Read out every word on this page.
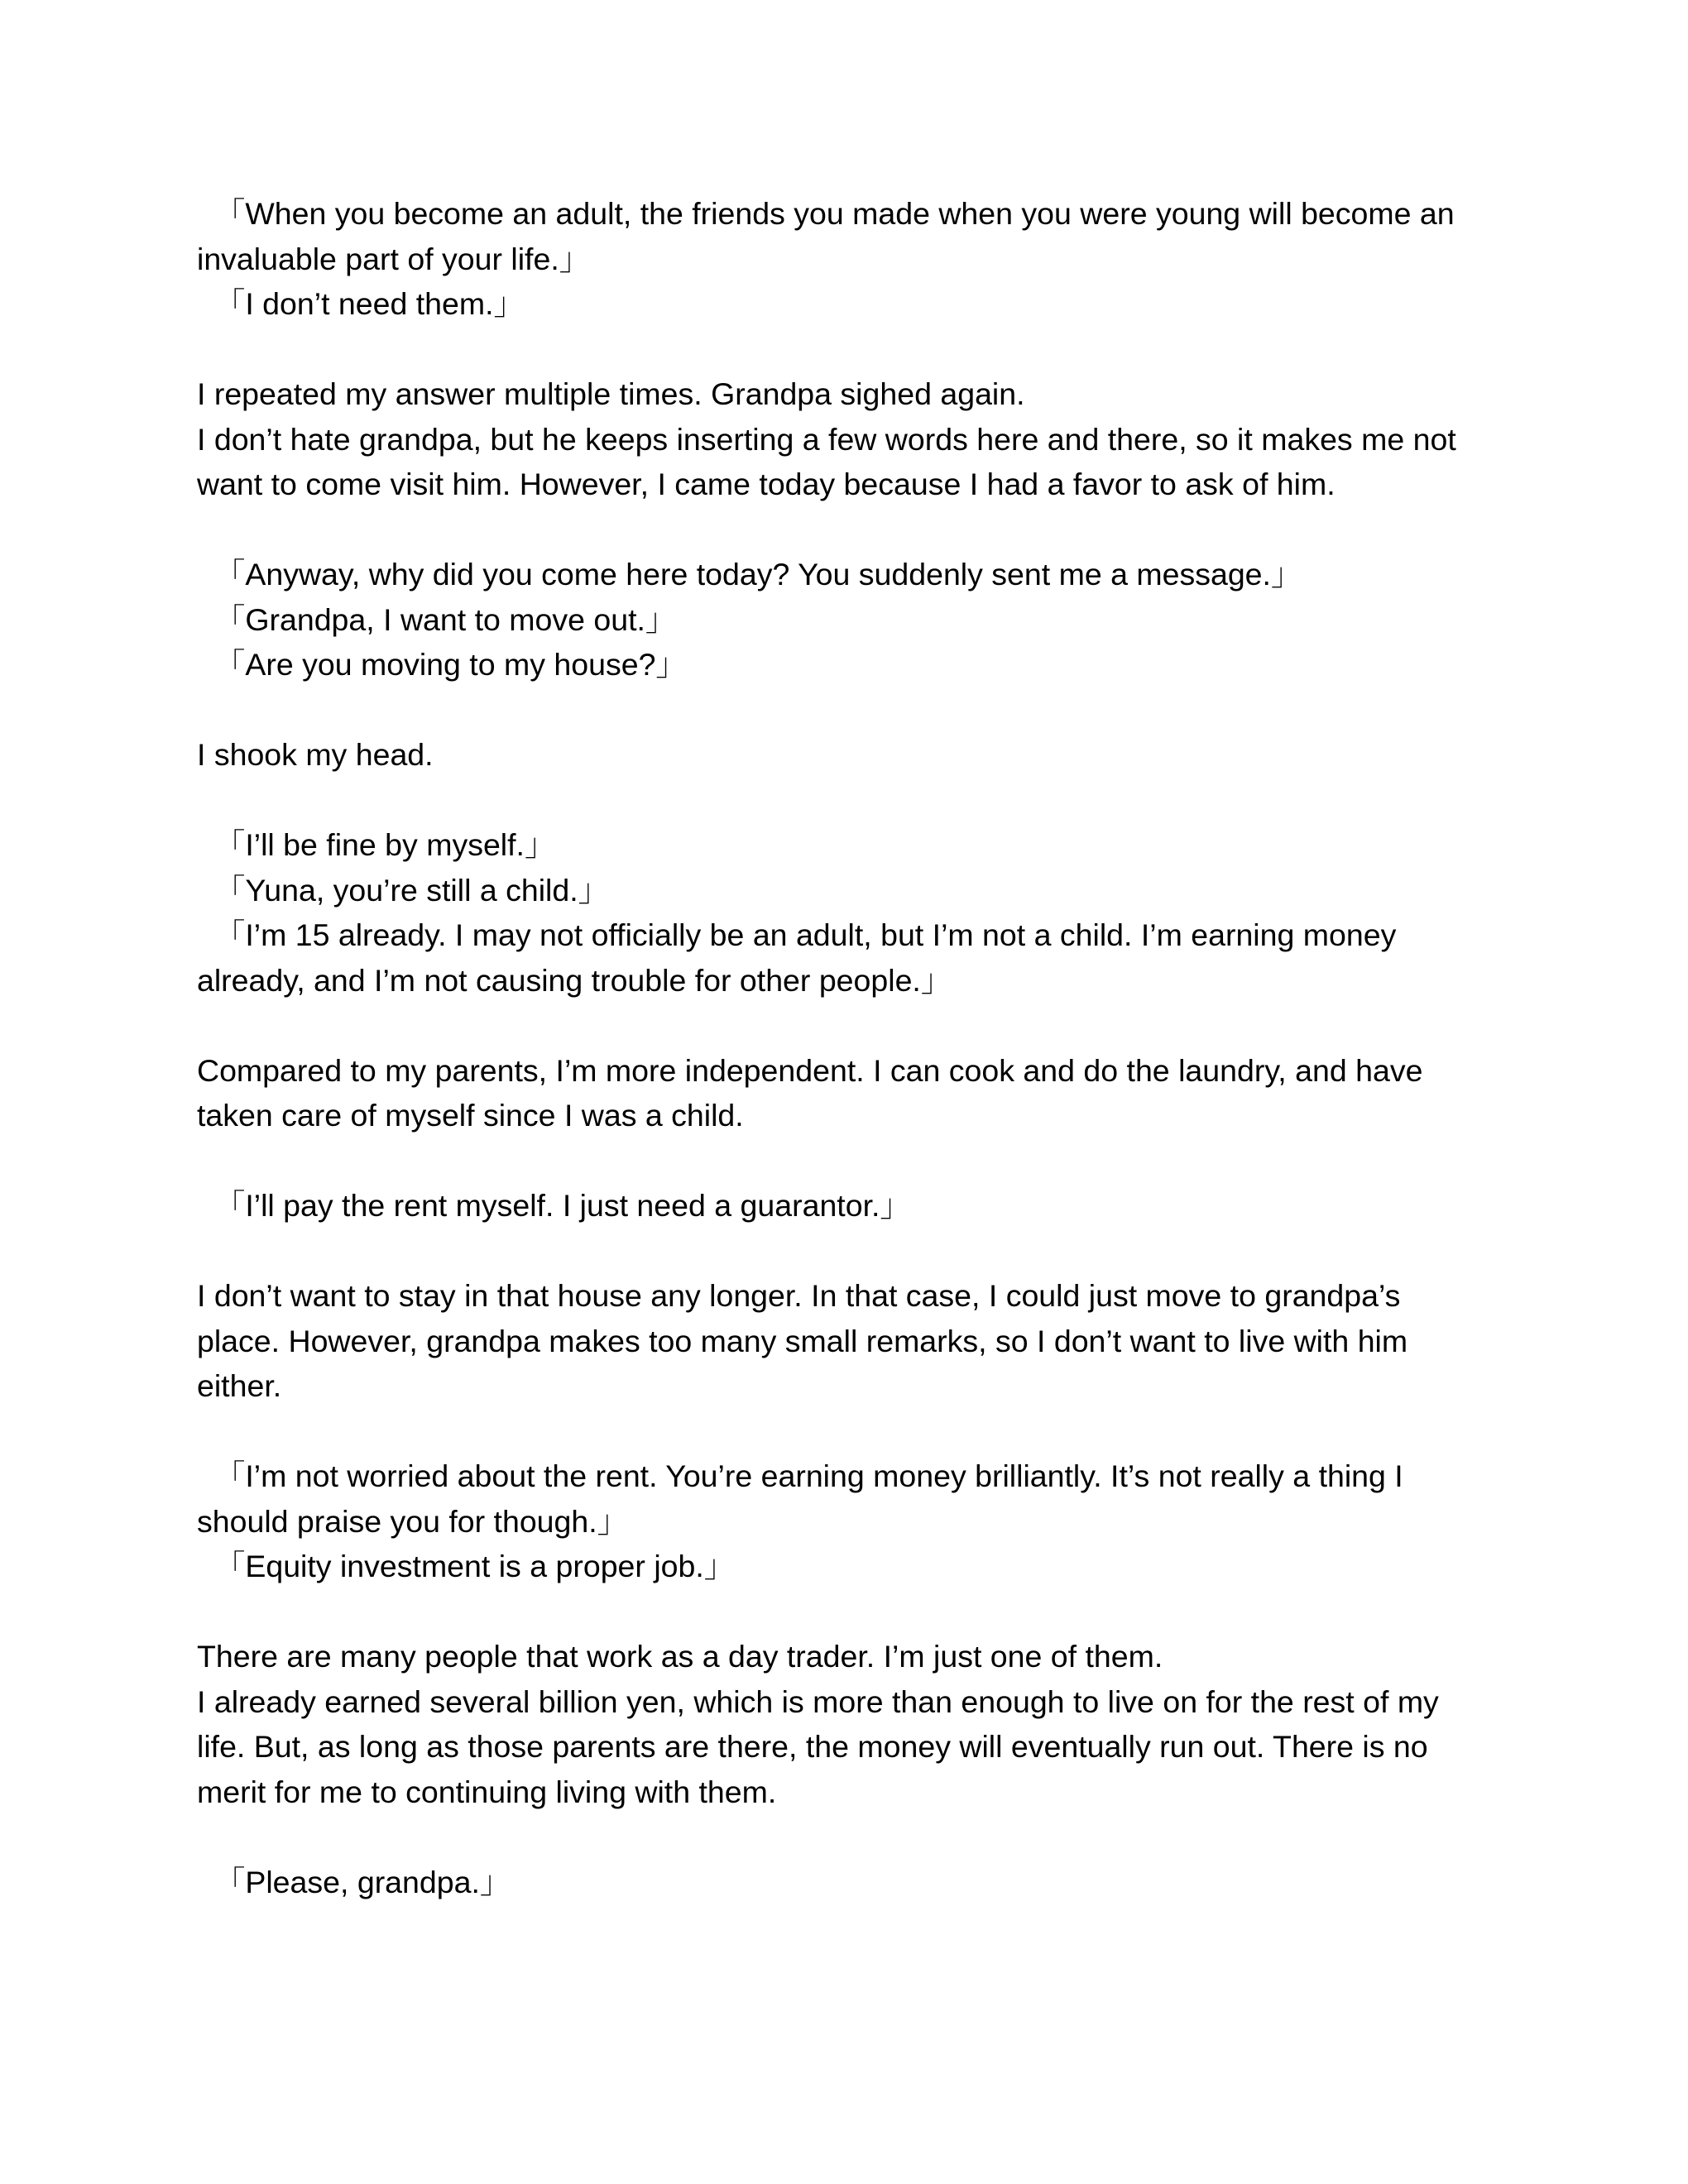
「When you become an adult, the friends you made when you were young will become an invaluable part of your life.」

「I don’t need them.」

I repeated my answer multiple times. Grandpa sighed again.

I don’t hate grandpa, but he keeps inserting a few words here and there, so it makes me not want to come visit him. However, I came today because I had a favor to ask of him.

「Anyway, why did you come here today? You suddenly sent me a message.」

「Grandpa, I want to move out.」

「Are you moving to my house?」

I shook my head.

「I’ll be fine by myself.」

「Yuna, you’re still a child.」

「I’m 15 already. I may not officially be an adult, but I’m not a child. I’m earning money already, and I’m not causing trouble for other people.」

Compared to my parents, I’m more independent. I can cook and do the laundry, and have taken care of myself since I was a child.

「I’ll pay the rent myself. I just need a guarantor.」

I don’t want to stay in that house any longer. In that case, I could just move to grandpa’s place. However, grandpa makes too many small remarks, so I don’t want to live with him either.

「I’m not worried about the rent. You’re earning money brilliantly. It’s not really a thing I should praise you for though.」

「Equity investment is a proper job.」

There are many people that work as a day trader. I’m just one of them.

I already earned several billion yen, which is more than enough to live on for the rest of my life. But, as long as those parents are there, the money will eventually run out. There is no merit for me to continuing living with them.

「Please, grandpa.」
